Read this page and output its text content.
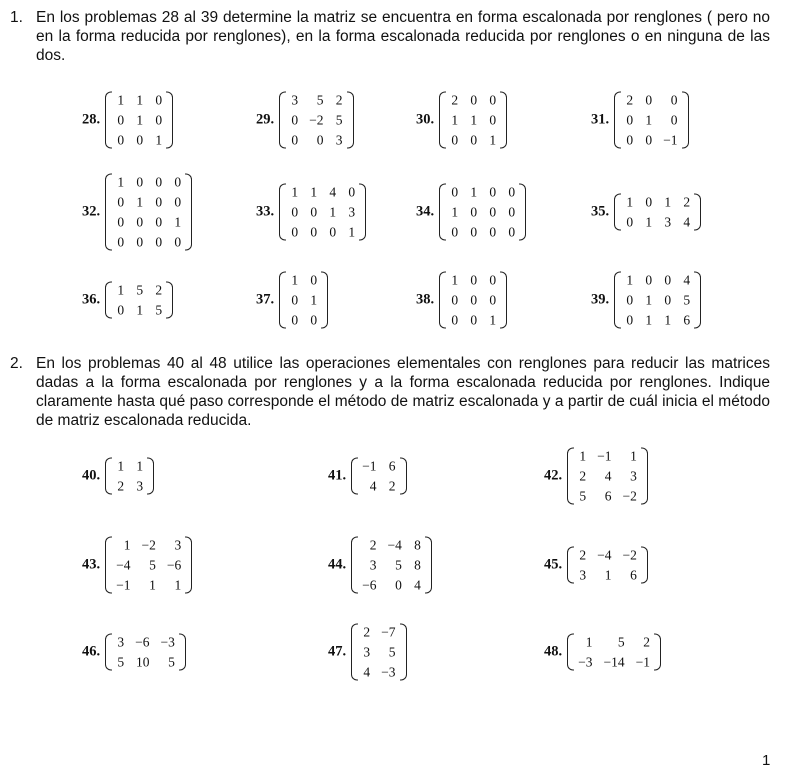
1. En los problemas 28 al 39 determine la matriz se encuentra en forma escalonada por renglones ( pero no en la forma reducida por renglones), en la forma escalonada reducida por renglones o en ninguna de las dos.
2. En los problemas 40 al 48 utilice las operaciones elementales con renglones para reducir las matrices dadas a la forma escalonada por renglones y a la forma escalonada reducida por renglones. Indique claramente hasta qué paso corresponde el método de matriz escalonada y a partir de cuál inicia el método de matriz escalonada reducida.
28.
1 1 0
0 1 0
0 0 1
29.
3	5 2
0 −2 5
0	0 3
30.
2 0 0
1 1 0
0 0 1
31.
2 0	0
0 1	0
0 0 −1
32.
1 0 0 0
0 1 0 0
0 0 0 1
0 0 0 0
33.
1 1 4 0
0 0 1 3
0 0 0 1
34.
0 1 0 0
1 0 0 0
0 0 0 0
35.
1 0 1 2
0 1 3 4
36.
1 5 2
0 1 5
37.
1 0
0 1
0 0
38.
1 0 0
0 0 0
0 0 1
39.
1 0 0 4
0 1 0 5
0 1 1 6
40.
1 1
2 3
41.
−1 6
4 2
42.
1 −1	1
2	4	3
5	6 −2
43.
1 −2	3
−4	5 −6
−1	1	1
44.
2 −4 8
3	5 8
−6	0 4
45.
2 −4 −2
3	1	6
46.
3 −6 −3
5 10	5
47.
2 −7
3	5
4 −3
48.
1	5	2
−3 −14 −1
1
